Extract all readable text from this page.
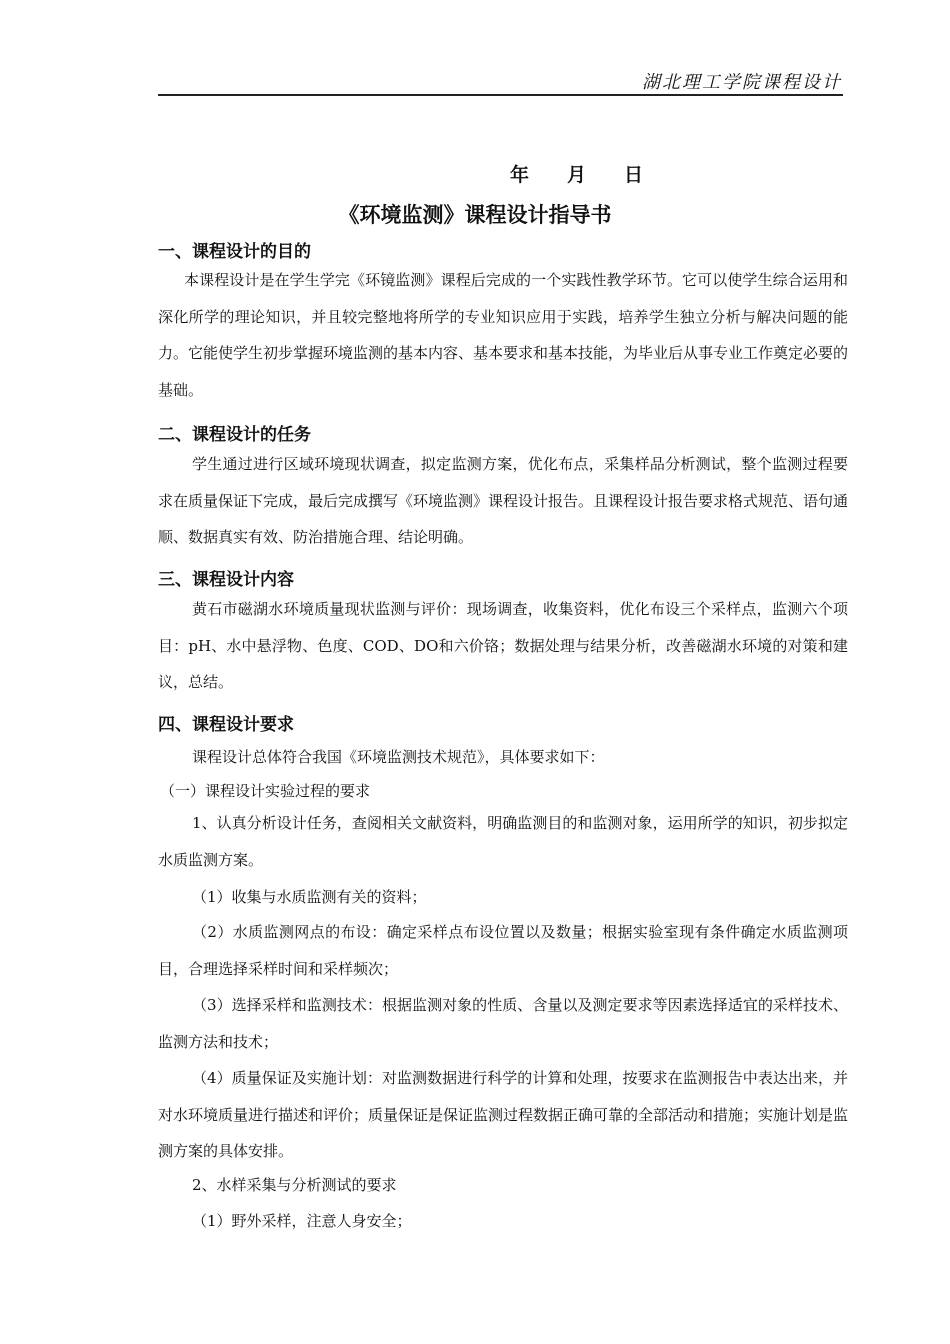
湖北理工学院课程设计
年 月 日
《环境监测》课程设计指导书
一、课程设计的目的
本课程设计是在学生学完《环镜监测》课程后完成的一个实践性教学环节。它可以使学生综合运用和深化所学的理论知识，并且较完整地将所学的专业知识应用于实践，培养学生独立分析与解决问题的能力。它能使学生初步掌握环境监测的基本内容、基本要求和基本技能，为毕业后从事专业工作奠定必要的基础。
二、课程设计的任务
学生通过进行区域环境现状调查，拟定监测方案，优化布点，采集样品分析测试，整个监测过程要求在质量保证下完成，最后完成撰写《环境监测》课程设计报告。且课程设计报告要求格式规范、语句通顺、数据真实有效、防治措施合理、结论明确。
三、课程设计内容
黄石市磁湖水环境质量现状监测与评价：现场调查，收集资料，优化布设三个采样点，监测六个项目：pH、水中悬浮物、色度、COD、DO和六价铬；数据处理与结果分析，改善磁湖水环境的对策和建议，总结。
四、课程设计要求
课程设计总体符合我国《环境监测技术规范》，具体要求如下：
（一）课程设计实验过程的要求
1、认真分析设计任务，查阅相关文献资料，明确监测目的和监测对象，运用所学的知识，初步拟定水质监测方案。
（1）收集与水质监测有关的资料；
（2）水质监测网点的布设：确定采样点布设位置以及数量；根据实验室现有条件确定水质监测项目，合理选择采样时间和采样频次；
（3）选择采样和监测技术：根据监测对象的性质、含量以及测定要求等因素选择适宜的采样技术、监测方法和技术；
（4）质量保证及实施计划：对监测数据进行科学的计算和处理，按要求在监测报告中表达出来，并对水环境质量进行描述和评价；质量保证是保证监测过程数据正确可靠的全部活动和措施；实施计划是监测方案的具体安排。
2、水样采集与分析测试的要求
（1）野外采样，注意人身安全；
